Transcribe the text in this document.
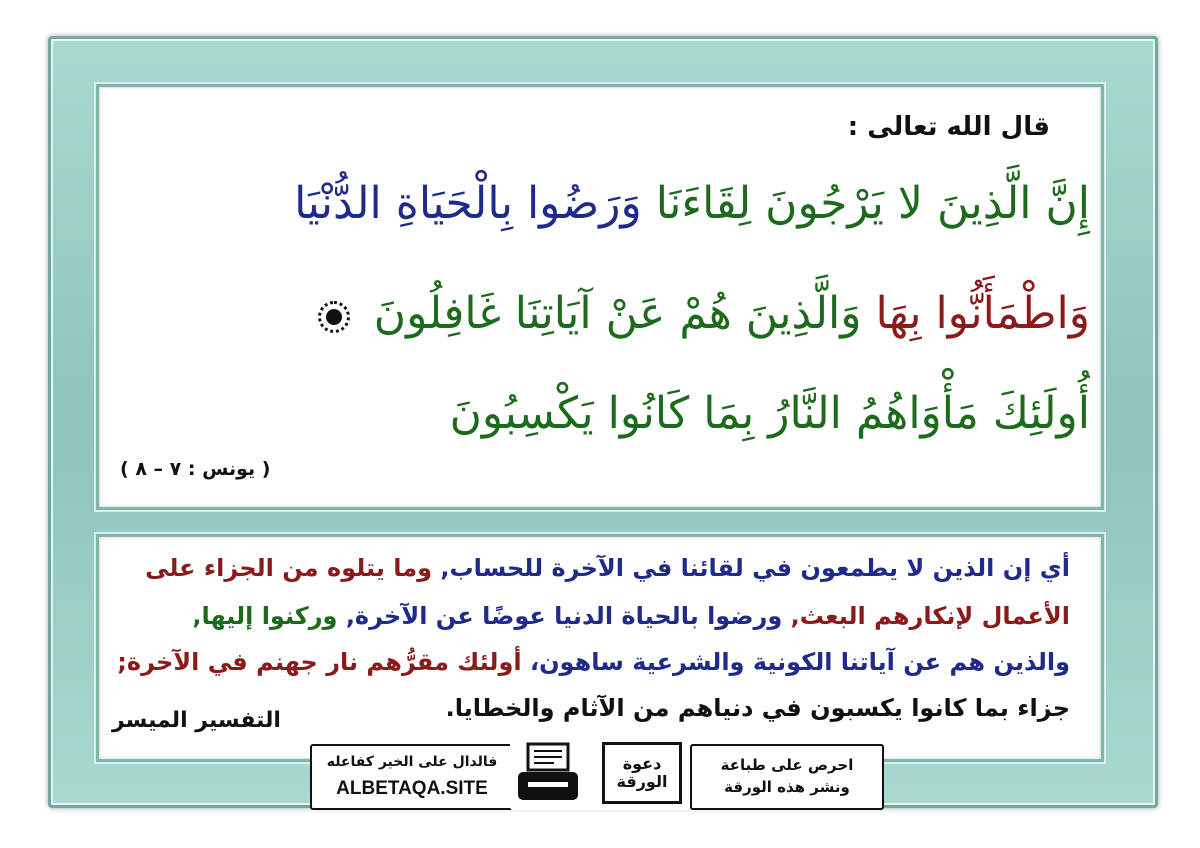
قال الله تعالى :
إِنَّ الَّذِينَ لا يَرْجُونَ لِقَاءَنَا وَرَضُوا بِالْحَيَاةِ الدُّنْيَا
وَاطْمَأَنُّوا بِهَا وَالَّذِينَ هُمْ عَنْ آيَاتِنَا غَافِلُونَ
أُولَئِكَ مَأْوَاهُمُ النَّارُ بِمَا كَانُوا يَكْسِبُونَ
( يونس : ٧ – ٨ )
أي إن الذين لا يطمعون في لقائنا في الآخرة للحساب, وما يتلوه من الجزاء على
الأعمال لإنكارهم البعث, ورضوا بالحياة الدنيا عوضًا عن الآخرة, وركنوا إليها,
والذين هم عن آياتنا الكونية والشرعية ساهون، أولئك مقرُّهم نار جهنم في الآخرة;
جزاء بما كانوا يكسبون في دنياهم من الآثام والخطايا.
التفسير الميسر
فالدال على الخير كفاعله
ALBETAQA.SITE
دعوة الورقة
احرص على طباعة
ونشر هذه الورقة
